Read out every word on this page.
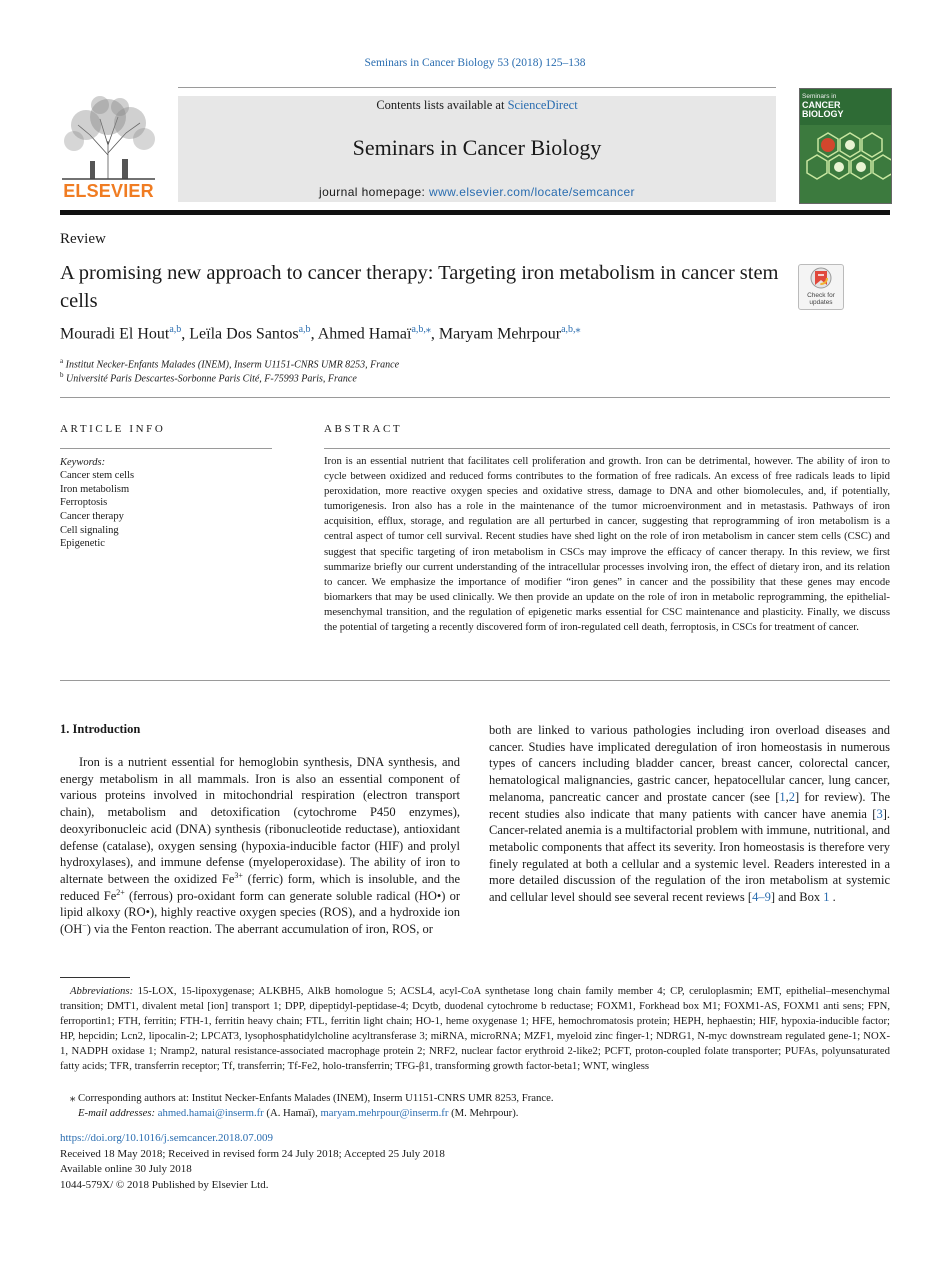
Seminars in Cancer Biology 53 (2018) 125–138
ELSEVIER
Contents lists available at ScienceDirect
Seminars in Cancer Biology
journal homepage: www.elsevier.com/locate/semcancer
Seminars in
CANCER
BIOLOGY
Review
A promising new approach to cancer therapy: Targeting iron metabolism in cancer stem cells	Check for updates
Mouradi El Hout$^{a,b}$, Leïla Dos Santos$^{a,b}$, Ahmed Hamaï$^{a,b,⁎}$, Maryam Mehrpour$^{a,b,⁎}$
$^a$ Institut Necker-Enfants Malades (INEM), Inserm U1151-CNRS UMR 8253, France
$^b$ Université Paris Descartes-Sorbonne Paris Cité, F-75993 Paris, France
ARTICLE INFO
Keywords:
Cancer stem cells
Iron metabolism
Ferroptosis
Cancer therapy
Cell signaling
Epigenetic
ABSTRACT
Iron is an essential nutrient that facilitates cell proliferation and growth. Iron can be detrimental, however. The ability of iron to cycle between oxidized and reduced forms contributes to the formation of free radicals. An excess of free radicals leads to lipid peroxidation, more reactive oxygen species and oxidative stress, damage to DNA and other biomolecules, and, if potentially, tumorigenesis. Iron also has a role in the maintenance of the tumor microenvironment and in metastasis. Pathways of iron acquisition, efflux, storage, and regulation are all perturbed in cancer, suggesting that reprogramming of iron metabolism is a central aspect of tumor cell survival. Recent studies have shed light on the role of iron metabolism in cancer stem cells (CSC) and suggest that specific targeting of iron metabolism in CSCs may improve the efficacy of cancer therapy. In this review, we first summarize briefly our current understanding of the intracellular processes involving iron, the effect of dietary iron, and its relation to cancer. We emphasize the importance of modifier “iron genes” in cancer and the possibility that these genes may encode biomarkers that may be used clinically. We then provide an update on the role of iron in metabolic reprogramming, the epithelial-mesenchymal transition, and the regulation of epigenetic marks essential for CSC maintenance and plasticity. Finally, we discuss the potential of targeting a recently discovered form of iron-regulated cell death, ferroptosis, in CSCs for treatment of cancer.
1. Introduction
Iron is a nutrient essential for hemoglobin synthesis, DNA synthesis, and energy metabolism in all mammals. Iron is also an essential component of various proteins involved in mitochondrial respiration (electron transport chain), metabolism and detoxification (cytochrome P450 enzymes), deoxyribonucleic acid (DNA) synthesis (ribonucleotide reductase), antioxidant defense (catalase), oxygen sensing (hypoxia-inducible factor (HIF) and prolyl hydroxylases), and immune defense (myeloperoxidase). The ability of iron to alternate between the oxidized $Fe^{3+}$ (ferric) form, which is insoluble, and the reduced $Fe^{2+}$ (ferrous) pro-oxidant form can generate soluble radical (HO•) or lipid alkoxy (RO•), highly reactive oxygen species (ROS), and a hydroxide ion (OH−) via the Fenton reaction. The aberrant accumulation of iron, ROS, or
both are linked to various pathologies including iron overload diseases and cancer. Studies have implicated deregulation of iron homeostasis in numerous types of cancers including bladder cancer, breast cancer, colorectal cancer, hematological malignancies, gastric cancer, hepatocellular cancer, lung cancer, melanoma, pancreatic cancer and prostate cancer (see [1,2] for review). The recent studies also indicate that many patients with cancer have anemia [3]. Cancer-related anemia is a multifactorial problem with immune, nutritional, and metabolic components that affect its severity. Iron homeostasis is therefore very finely regulated at both a cellular and a systemic level. Readers interested in a more detailed discussion of the regulation of the iron metabolism at systemic and cellular level should see several recent reviews [4–9] and Box 1 .
Abbreviations: 15-LOX, 15-lipoxygenase; ALKBH5, AlkB homologue 5; ACSL4, acyl-CoA synthetase long chain family member 4; CP, ceruloplasmin; EMT, epithelial–mesenchymal transition; DMT1, divalent metal [ion] transport 1; DPP, dipeptidyl-peptidase-4; Dcytb, duodenal cytochrome b reductase; FOXM1, Forkhead box M1; FOXM1-AS, FOXM1 anti sens; FPN, ferroportin1; FTH, ferritin; FTH-1, ferritin heavy chain; FTL, ferritin light chain; HO-1, heme oxygenase 1; HFE, hemochromatosis protein; HEPH, hephaestin; HIF, hypoxia-inducible factor; HP, hepcidin; Lcn2, lipocalin-2; LPCAT3, lysophosphatidylcholine acyltransferase 3; miRNA, microRNA; MZF1, myeloid zinc finger-1; NDRG1, N-myc downstream regulated gene-1; NOX-1, NADPH oxidase 1; Nramp2, natural resistance-associated macrophage protein 2; NRF2, nuclear factor erythroid 2-like2; PCFT, proton-coupled folate transporter; PUFAs, polyunsaturated fatty acids; TFR, transferrin receptor; Tf, transferrin; Tf-Fe2, holo-transferrin; TFG-β1, transforming growth factor-beta1; WNT, wingless
⁎ Corresponding authors at: Institut Necker-Enfants Malades (INEM), Inserm U1151-CNRS UMR 8253, France.
E-mail addresses: ahmed.hamai@inserm.fr (A. Hamaï), maryam.mehrpour@inserm.fr (M. Mehrpour).
https://doi.org/10.1016/j.semcancer.2018.07.009
Received 18 May 2018; Received in revised form 24 July 2018; Accepted 25 July 2018
Available online 30 July 2018
1044-579X/ © 2018 Published by Elsevier Ltd.
